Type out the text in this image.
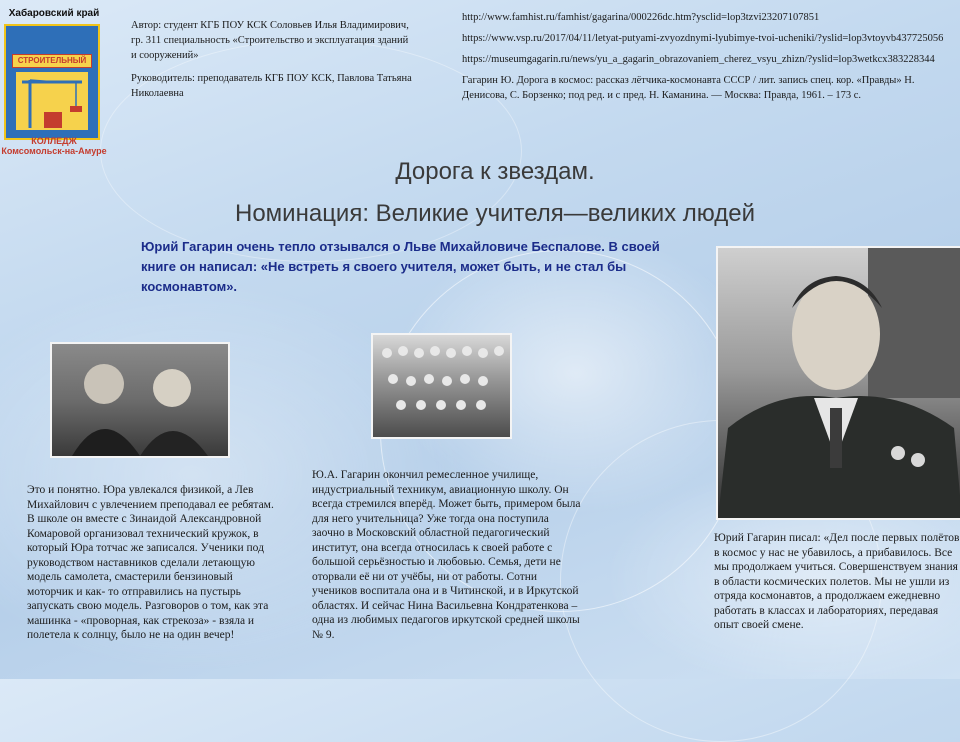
Хабаровский край
СТРОИТЕЛЬНЫЙ
КОЛЛЕДЖ
Комсомольск-на-Амуре

Автор: студент КГБ ПОУ КСК Соловьев Илья Владимирович, гр. 311 специальность «Строительство и эксплуатация зданий и сооружений»

Руководитель: преподаватель КГБ ПОУ КСК, Павлова Татьяна Николаевна

http://www.famhist.ru/famhist/gagarina/000226dc.htm?ysclid=lop3tzvi23207107851

https://www.vsp.ru/2017/04/11/letyat-putyami-zvyozdnymi-lyubimye-tvoi-ucheniki/?yslid=lop3vtoyvb437725056

https://museumgagarin.ru/news/yu_a_gagarin_obrazovaniem_cherez_vsyu_zhizn/?yslid=lop3wetkcx383228344

Гагарин Ю. Дорога в космос: рассказ лётчика-космонавта СССР / лит. запись спец. кор. «Правды» Н. Денисова, С. Борзенко; под ред. и с пред. Н. Каманина. — Москва: Правда, 1961. – 173 с.

Дорога к звездам.
Номинация: Великие учителя—великих людей
Юрий Гагарин очень тепло отзывался о Льве Михайловиче Беспалове. В своей книге он написал: «Не встреть я своего учителя, может быть, и не стал бы космонавтом».
Это и понятно. Юра увлекался физикой, а Лев Михайлович с увлечением преподавал ее ребятам. В школе он вместе с Зинаидой Александровной Комаровой организовал технический кружок, в который Юра тотчас же записался. Ученики под руководством наставников сделали летающую модель самолета, смастерили бензиновый моторчик и как- то отправились на пустырь запускать свою модель. Разговоров о том, как эта машинка - «проворная, как стрекоза» - взяла и полетела к солнцу, было не на один вечер!
Ю.А. Гагарин окончил ремесленное училище, индустриальный техникум, авиационную школу. Он всегда стремился вперёд. Может быть, примером была для него учительница? Уже тогда она поступила заочно в Московский областной педагогический институт, она всегда относилась к своей работе с большой серьёзностью и любовью. Семья, дети не оторвали её ни от учёбы, ни от работы. Сотни учеников воспитала она и в Читинской, и в Иркутской областях. И сейчас Нина Васильевна Кондратенкова – одна из любимых педагогов иркутской средней школы № 9.
Юрий Гагарин писал: «Дел после первых полётов в космос у нас не убавилось, а прибавилось. Все мы продолжаем учиться. Совершенствуем знания в области космических полетов. Мы не ушли из отряда космонавтов, а продолжаем ежедневно работать в классах и лабораториях, передавая опыт своей смене.
